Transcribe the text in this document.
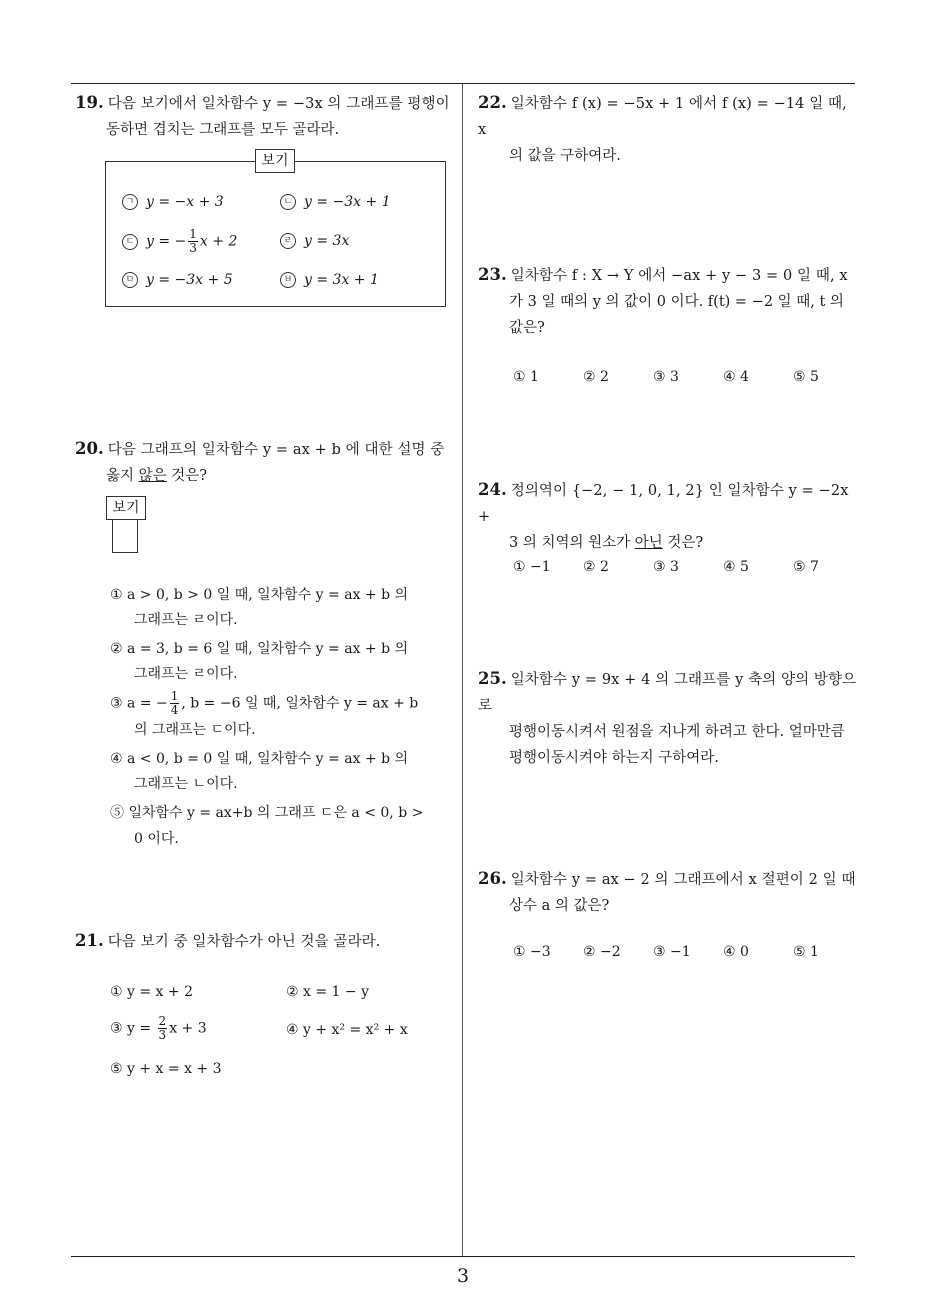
19. 다음 보기에서 일차함수 y = −3x 의 그래프를 평행이
동하면 겹치는 그래프를 모두 골라라.
보기
ㄱ y = −x + 3	ㄴ y = −3x + 1
ㄷ y = − $\frac{1}{3}$ x + 2	ㄹ y = 3x
ㅁ y = −3x + 5	ㅂ y = 3x + 1
20. 다음 그래프의 일차함수 y = ax + b 에 대한 설명 중
옳지 않은 것은?
보기
① a > 0, b > 0 일 때, 일차함수 y = ax + b 의
그래프는 ㄹ이다.
② a = 3, b = 6 일 때, 일차함수 y = ax + b 의
그래프는 ㄹ이다.
③ a = − $\frac{1}{4}$ , b = −6 일 때, 일차함수 y = ax + b
의 그래프는 ㄷ이다.
④ a < 0, b = 0 일 때, 일차함수 y = ax + b 의
그래프는 ㄴ이다.
⑤ 일차함수 y = ax+b 의 그래프 ㄷ은 a < 0, b >
0 이다.
21. 다음 보기 중 일차함수가 아닌 것을 골라라.
① y = x + 2	② x = 1 − y
③ $y = \frac{2}{3}$ x + 3	④ y + x² = x² + x
⑤ y + x = x + 3
22. 일차함수 f (x) = −5x + 1 에서 f (x) = −14 일 때, x
의 값을 구하여라.
23. 일차함수 f : X → Y 에서 −ax + y − 3 = 0 일 때, x
가 3 일 때의 y 의 값이 0 이다. f(t) = −2 일 때, t 의
값은?
① 1	② 2	③ 3	④ 4	⑤ 5
24. 정의역이 {−2, − 1, 0, 1, 2} 인 일차함수 y = −2x +
3 의 치역의 원소가 아닌 것은?
① −1 ② 2	③ 3	④ 5	⑤ 7
25. 일차함수 y = 9x + 4 의 그래프를 y 축의 양의 방향으로
평행이동시켜서 원점을 지나게 하려고 한다. 얼마만큼
평행이동시켜야 하는지 구하여라.
26. 일차함수 y = ax − 2 의 그래프에서 x 절편이 2 일 때
상수 a 의 값은?
① −3 ② −2 ③ −1 ④ 0	⑤ 1
3
